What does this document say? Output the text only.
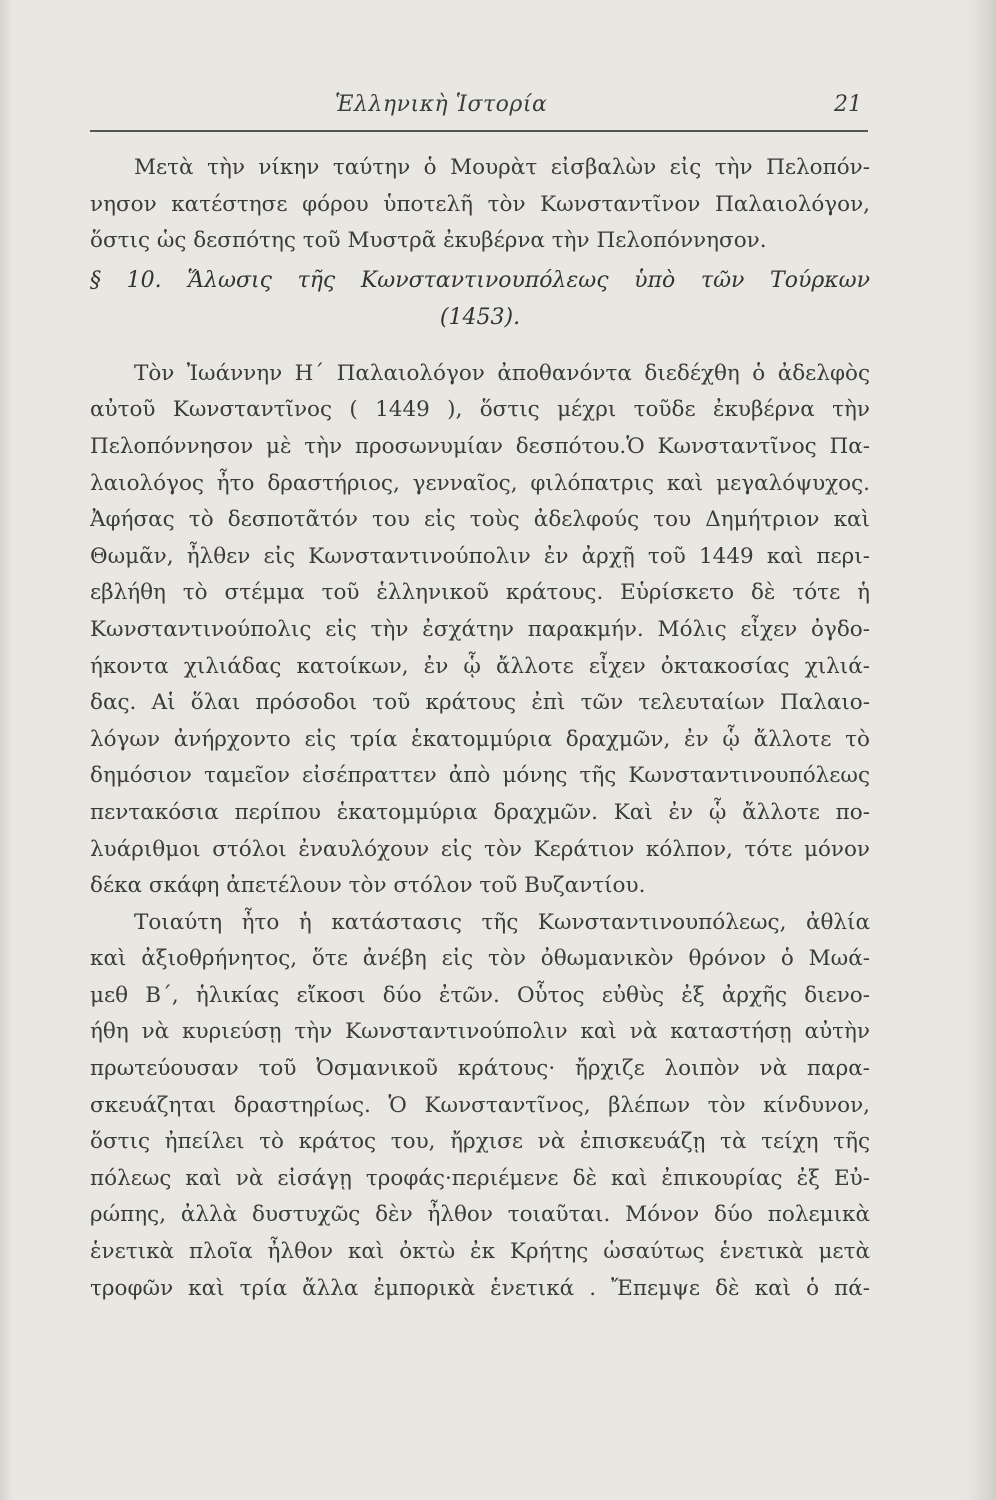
Ἑλληνικὴ Ἱστορία	21
Μετὰ τὴν νίκην ταύτην ὁ Μουρὰτ εἰσβαλὼν εἰς τὴν Πελοπόν-
νησον κατέστησε φόρου ὑποτελῆ τὸν Κωνσταντῖνον Παλαιολόγον,
ὅστις ὡς δεσπότης τοῦ Μυστρᾶ ἐκυβέρνα τὴν Πελοπόννησον.
§ 10. Ἅλωσις τῆς Κωνσταντινουπόλεως ὑπὸ τῶν Τούρκων
(1453).
Τὸν Ἰωάννην Η΄ Παλαιολόγον ἀποθανόντα διεδέχθη ὁ ἀδελφὸς
αὐτοῦ Κωνσταντῖνος ( 1449 ), ὅστις μέχρι τοῦδε ἐκυβέρνα τὴν
Πελοπόννησον μὲ τὴν προσωνυμίαν δεσπότου.Ὁ Κωνσταντῖνος Πα-
λαιολόγος ἦτο δραστήριος, γενναῖος, φιλόπατρις καὶ μεγαλόψυχος.
Ἀφήσας τὸ δεσποτᾶτόν του εἰς τοὺς ἀδελφούς του Δημήτριον καὶ
Θωμᾶν, ἦλθεν εἰς Κωνσταντινούπολιν ἐν ἀρχῇ τοῦ 1449 καὶ περι-
εβλήθη τὸ στέμμα τοῦ ἑλληνικοῦ κράτους. Εὑρίσκετο δὲ τότε ἡ
Κωνσταντινούπολις εἰς τὴν ἐσχάτην παρακμήν. Μόλις εἶχεν ὀγδο-
ήκοντα χιλιάδας κατοίκων, ἐν ᾧ ἄλλοτε εἶχεν ὀκτακοσίας χιλιά-
δας. Αἱ ὅλαι πρόσοδοι τοῦ κράτους ἐπὶ τῶν τελευταίων Παλαιο-
λόγων ἀνήρχοντο εἰς τρία ἑκατομμύρια δραχμῶν, ἐν ᾧ ἄλλοτε τὸ
δημόσιον ταμεῖον εἰσέπραττεν ἀπὸ μόνης τῆς Κωνσταντινουπόλεως
πεντακόσια περίπου ἑκατομμύρια δραχμῶν. Καὶ ἐν ᾧ ἄλλοτε πο-
λυάριθμοι στόλοι ἐναυλόχουν εἰς τὸν Κεράτιον κόλπον, τότε μόνον
δέκα σκάφη ἀπετέλουν τὸν στόλον τοῦ Βυζαντίου.
Τοιαύτη ἦτο ἡ κατάστασις τῆς Κωνσταντινουπόλεως, ἀθλία
καὶ ἀξιοθρήνητος, ὅτε ἀνέβη εἰς τὸν ὀθωμανικὸν θρόνον ὁ Μωά-
μεθ Β΄, ἡλικίας εἴκοσι δύο ἐτῶν. Οὗτος εὐθὺς ἐξ ἀρχῆς διενο-
ήθη νὰ κυριεύσῃ τὴν Κωνσταντινούπολιν καὶ νὰ καταστήσῃ αὐτὴν
πρωτεύουσαν τοῦ Ὀσμανικοῦ κράτους· ἤρχιζε λοιπὸν νὰ παρα-
σκευάζηται δραστηρίως. Ὁ Κωνσταντῖνος, βλέπων τὸν κίνδυνον,
ὅστις ἠπείλει τὸ κράτος του, ἤρχισε νὰ ἐπισκευάζῃ τὰ τείχη τῆς
πόλεως καὶ νὰ εἰσάγῃ τροφάς·περιέμενε δὲ καὶ ἐπικουρίας ἐξ Εὐ-
ρώπης, ἀλλὰ δυστυχῶς δὲν ἦλθον τοιαῦται. Μόνον δύο πολεμικὰ
ἑνετικὰ πλοῖα ἦλθον καὶ ὀκτὼ ἐκ Κρήτης ὡσαύτως ἑνετικὰ μετὰ
τροφῶν καὶ τρία ἄλλα ἐμπορικὰ ἑνετικά . Ἔπεμψε δὲ καὶ ὁ πά-
